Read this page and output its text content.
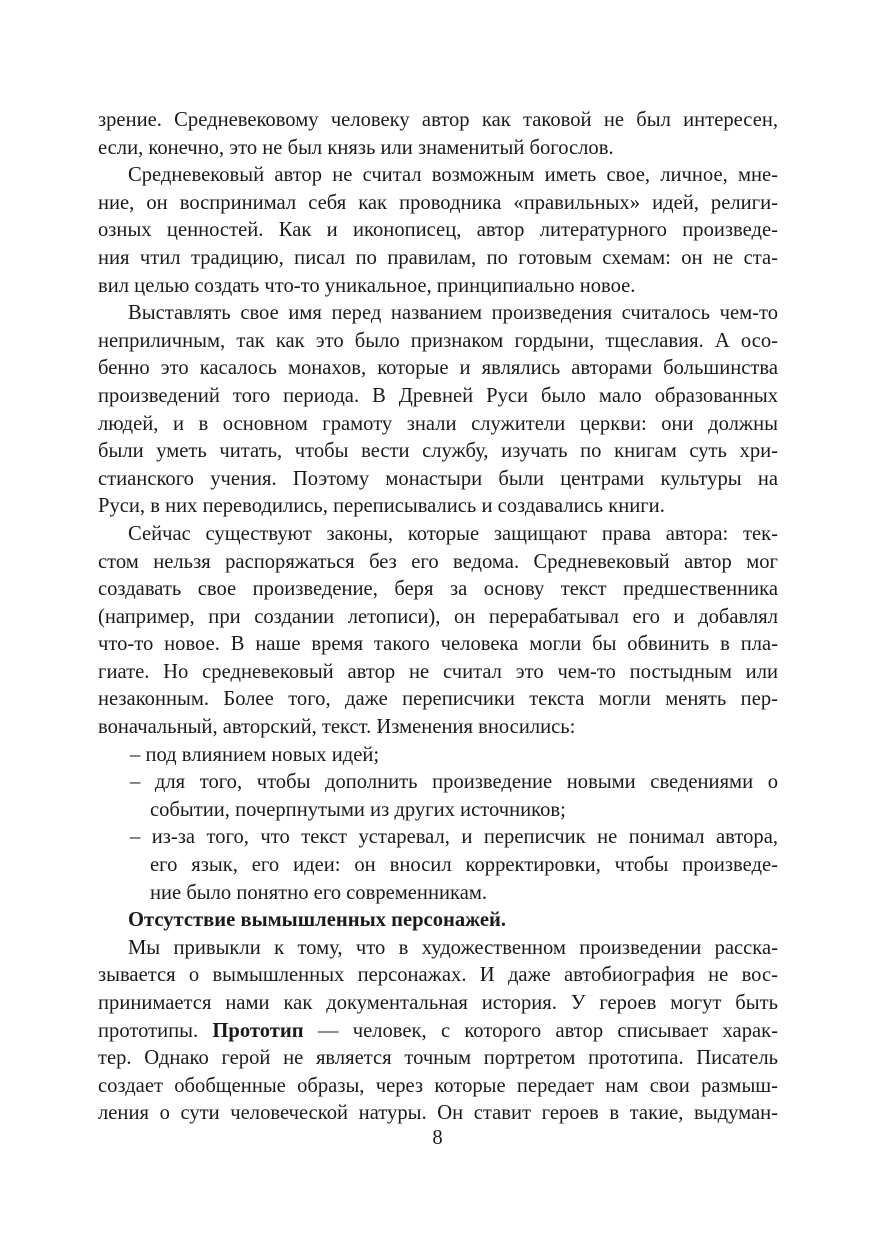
зрение. Средневековому человеку автор как таковой не был интересен,
если, конечно, это не был князь или знаменитый богослов.
Средневековый автор не считал возможным иметь свое, личное, мне-
ние, он воспринимал себя как проводника «правильных» идей, религи-
озных ценностей. Как и иконописец, автор литературного произведе-
ния чтил традицию, писал по правилам, по готовым схемам: он не ста-
вил целью создать что-то уникальное, принципиально новое.
Выставлять свое имя перед названием произведения считалось чем-то
неприличным, так как это было признаком гордыни, тщеславия. А осо-
бенно это касалось монахов, которые и являлись авторами большинства
произведений того периода. В Древней Руси было мало образованных
людей, и в основном грамоту знали служители церкви: они должны
были уметь читать, чтобы вести службу, изучать по книгам суть хри-
стианского учения. Поэтому монастыри были центрами культуры на
Руси, в них переводились, переписывались и создавались книги.
Сейчас существуют законы, которые защищают права автора: тек-
стом нельзя распоряжаться без его ведома. Средневековый автор мог
создавать свое произведение, беря за основу текст предшественника
(например, при создании летописи), он перерабатывал его и добавлял
что-то новое. В наше время такого человека могли бы обвинить в пла-
гиате. Но средневековый автор не считал это чем-то постыдным или
незаконным. Более того, даже переписчики текста могли менять пер-
воначальный, авторский, текст. Изменения вносились:
– под влиянием новых идей;
– для того, чтобы дополнить произведение новыми сведениями о
событии, почерпнутыми из других источников;
– из-за того, что текст устаревал, и переписчик не понимал автора,
его язык, его идеи: он вносил корректировки, чтобы произведе-
ние было понятно его современникам.
Отсутствие вымышленных персонажей.
Мы привыкли к тому, что в художественном произведении расска-
зывается о вымышленных персонажах. И даже автобиография не вос-
принимается нами как документальная история. У героев могут быть
прототипы. Прототип — человек, с которого автор списывает харак-
тер. Однако герой не является точным портретом прототипа. Писатель
создает обобщенные образы, через которые передает нам свои размыш-
ления о сути человеческой натуры. Он ставит героев в такие, выдуман-
8
